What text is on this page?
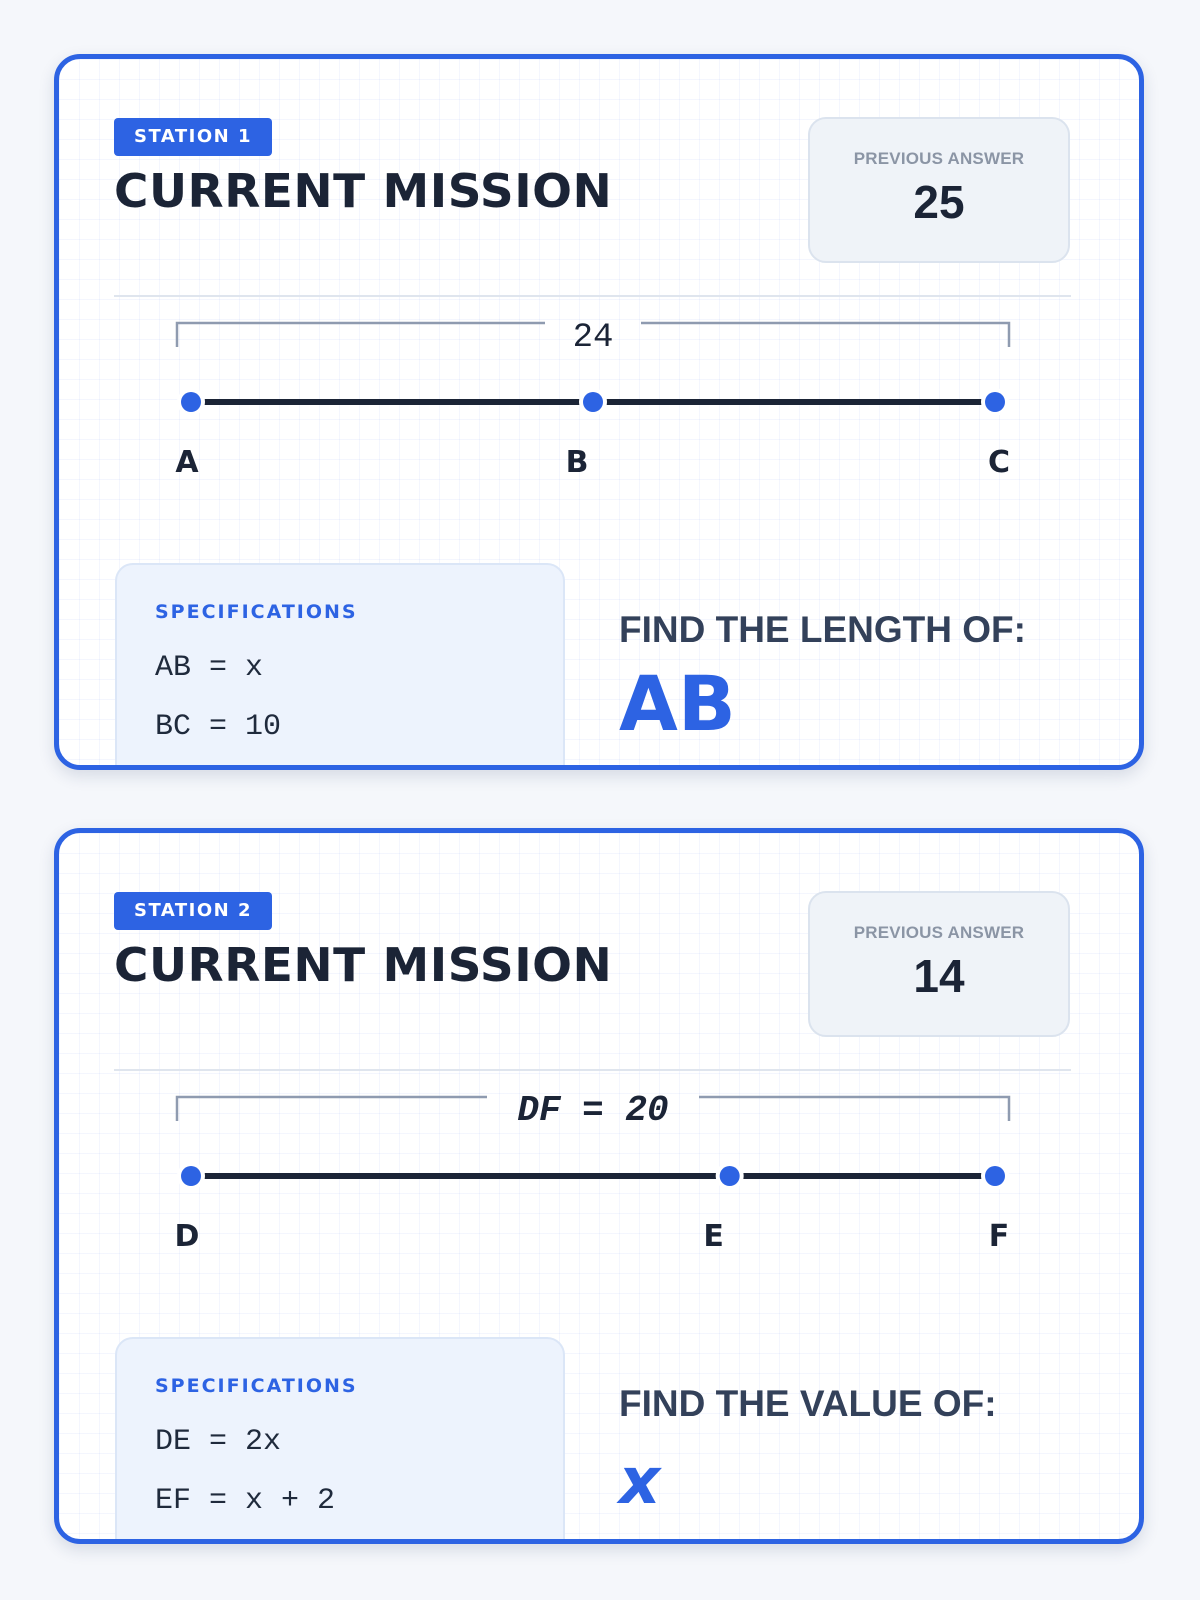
STATION 1
CURRENT MISSION
PREVIOUS ANSWER
25
24
A	B	C
SPECIFICATIONS
AB = x
BC = 10
FIND THE LENGTH OF:
AB
STATION 2
CURRENT MISSION
PREVIOUS ANSWER
14
DF = 20
D	E	F
SPECIFICATIONS
DE = 2x
EF = x + 2
FIND THE VALUE OF:
x
